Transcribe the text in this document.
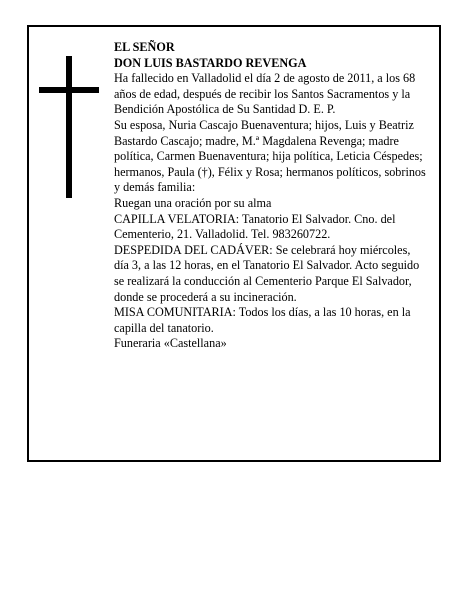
EL SEÑOR

DON LUIS BASTARDO REVENGA

Ha fallecido en Valladolid el día 2 de agosto de 2011, a los 68 años de edad, después de recibir los Santos Sacramentos y la Bendición Apostólica de Su Santidad D. E. P.

Su esposa, Nuria Cascajo Buenaventura; hijos, Luis y Beatriz Bastardo Cascajo; madre, M.ª Magdalena Revenga; madre política, Carmen Buenaventura; hija política, Leticia Céspedes; hermanos, Paula (†), Félix y Rosa; hermanos políticos, sobrinos y demás familia:

Ruegan una oración por su alma

CAPILLA VELATORIA: Tanatorio El Salvador. Cno. del Cementerio, 21. Valladolid. Tel. 983260722.

DESPEDIDA DEL CADÁVER: Se celebrará hoy miércoles, día 3, a las 12 horas, en el Tanatorio El Salvador. Acto seguido se realizará la conducción al Cementerio Parque El Salvador, donde se procederá a su incineración.

MISA COMUNITARIA: Todos los días, a las 10 horas, en la capilla del tanatorio.

Funeraria «Castellana»
